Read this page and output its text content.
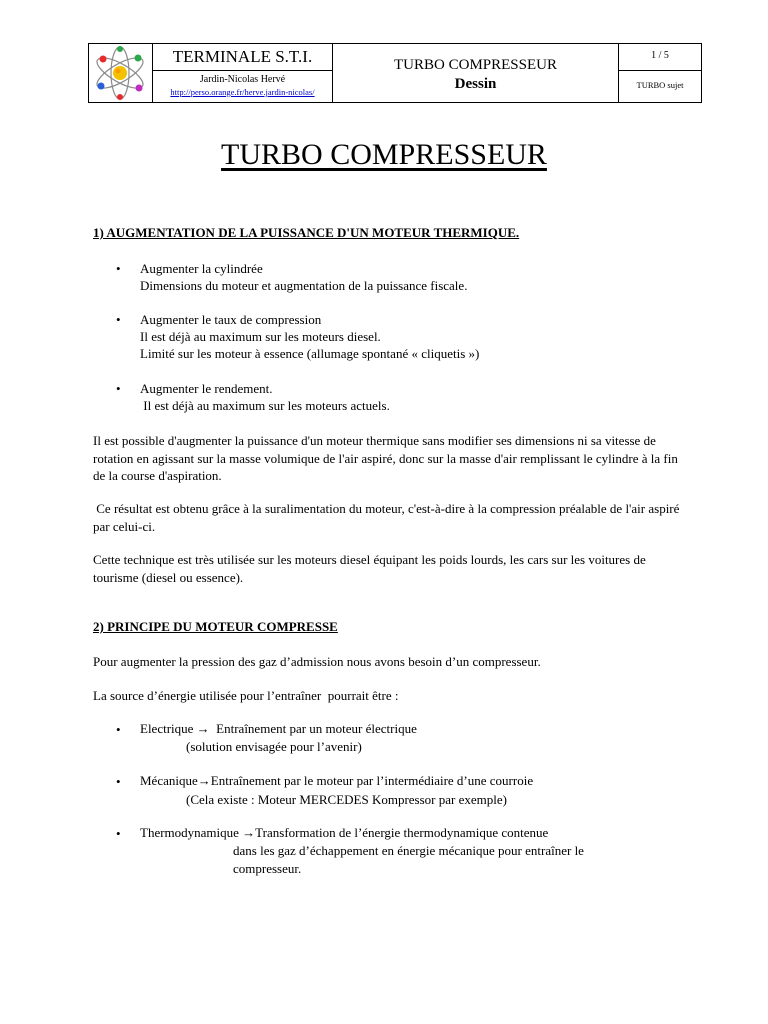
TERMINALE S.T.I.
Jardin-Nicolas Hervé
http://perso.orange.fr/herve.jardin-nicolas/
TURBO COMPRESSEUR
Dessin
1 / 5
TURBO sujet
TURBO COMPRESSEUR
1) AUGMENTATION DE LA PUISSANCE D'UN MOTEUR THERMIQUE.
• Augmenter la cylindrée
Dimensions du moteur et augmentation de la puissance fiscale.
• Augmenter le taux de compression
Il est déjà au maximum sur les moteurs diesel.
Limité sur les moteur à essence (allumage spontané « cliquetis »)
• Augmenter le rendement.
Il est déjà au maximum sur les moteurs actuels.
Il est possible d'augmenter la puissance d'un moteur thermique sans modifier ses dimensions ni sa vitesse de rotation en agissant sur la masse volumique de l'air aspiré, donc sur la masse d'air remplissant le cylindre à la fin de la course d'aspiration.
Ce résultat est obtenu grâce à la suralimentation du moteur, c'est-à-dire à la compression préalable de l'air aspiré par celui-ci.
Cette technique est très utilisée sur les moteurs diesel équipant les poids lourds, les cars sur les voitures de tourisme (diesel ou essence).
2) PRINCIPE DU MOTEUR COMPRESSE
Pour augmenter la pression des gaz d’admission nous avons besoin d’un compresseur.
La source d’énergie utilisée pour l’entraîner  pourrait être :
• Electrique →  Entraînement par un moteur électrique
(solution envisagée pour l’avenir)
• Mécanique→Entraînement par le moteur par l’intermédiaire d’une courroie
(Cela existe : Moteur MERCEDES Kompressor par exemple)
• Thermodynamique →Transformation de l’énergie thermodynamique contenue
dans les gaz d’échappement en énergie mécanique pour entraîner le
compresseur.
